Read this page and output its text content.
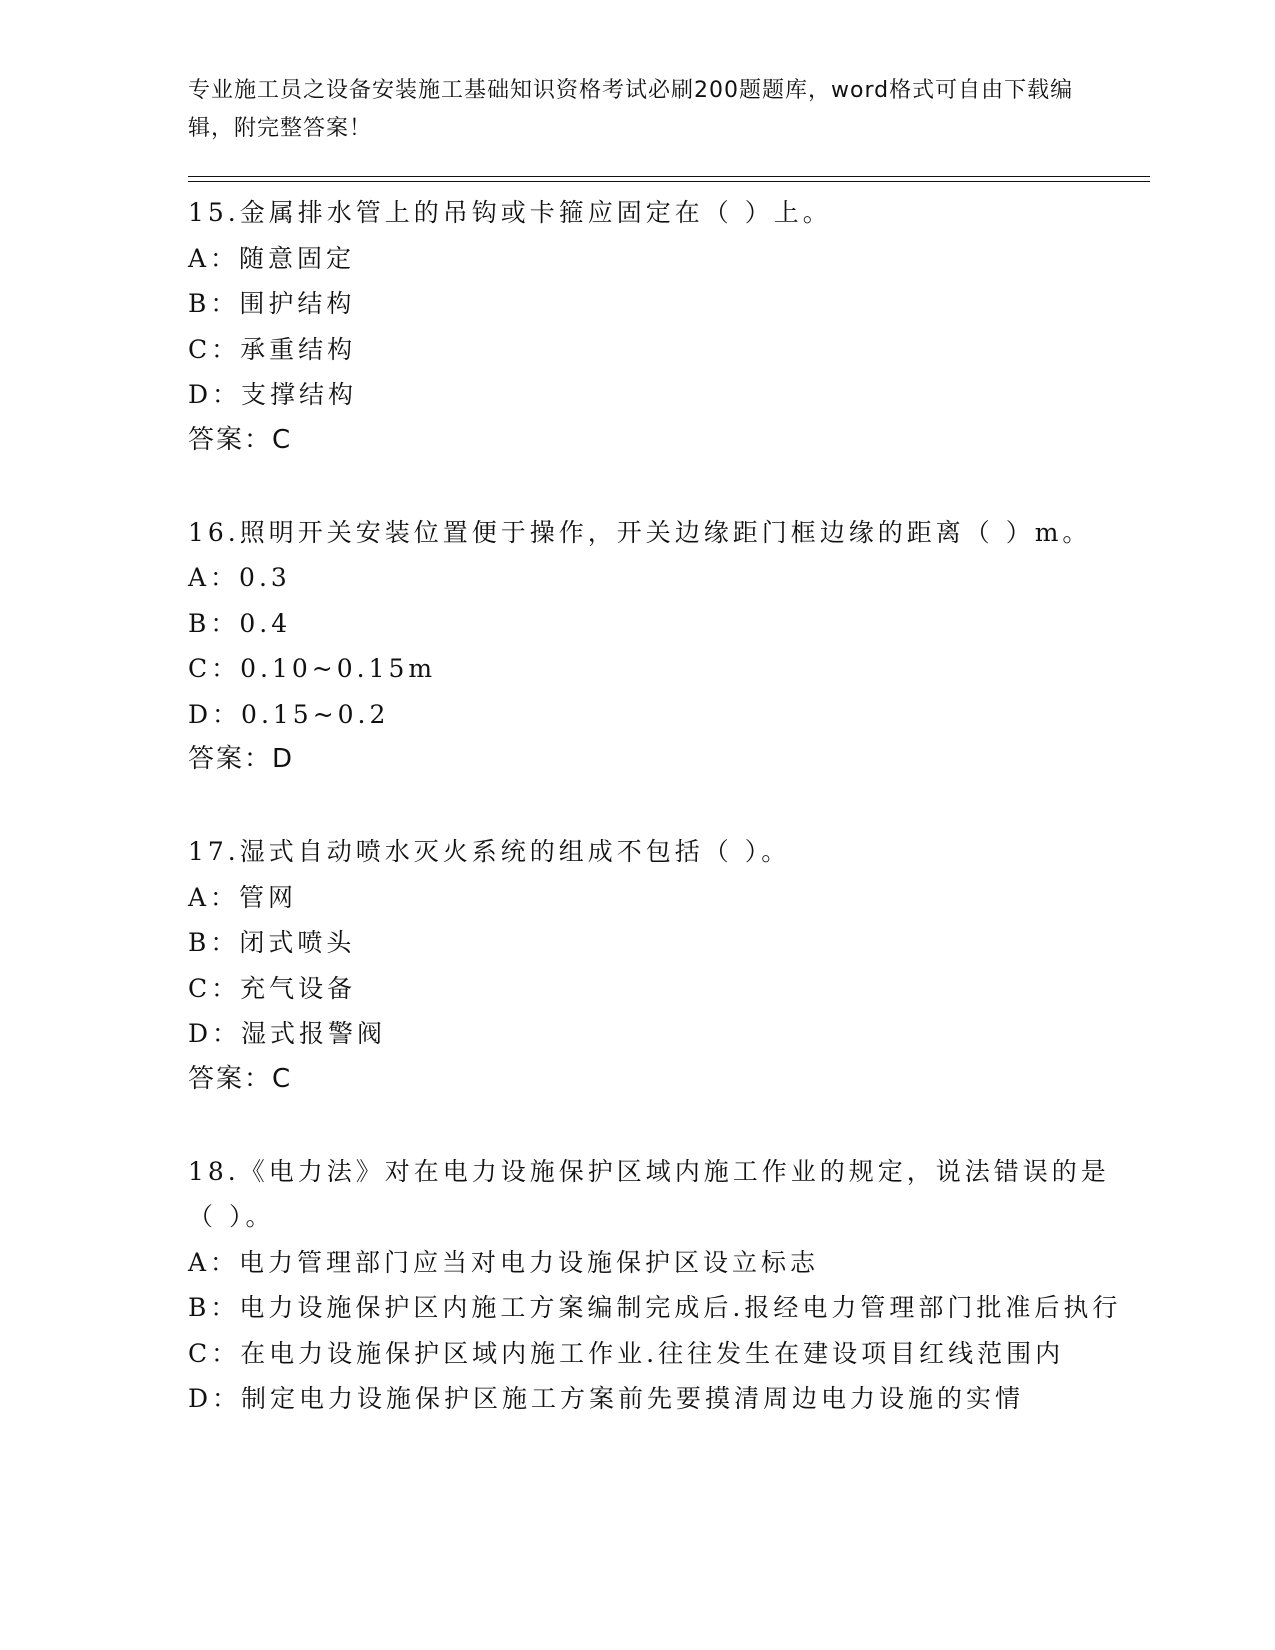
专业施工员之设备安装施工基础知识资格考试必刷200题题库，word格式可自由下载编辑，附完整答案！
15.金属排水管上的吊钩或卡箍应固定在（ ）上。
A：随意固定
B：围护结构
C：承重结构
D：支撑结构
答案：C
16.照明开关安装位置便于操作，开关边缘距门框边缘的距离（ ）m。
A：0.3
B：0.4
C：0.10~0.15m
D：0.15~0.2
答案：D
17.湿式自动喷水灭火系统的组成不包括（ ）。
A：管网
B：闭式喷头
C：充气设备
D：湿式报警阀
答案：C
18.《电力法》对在电力设施保护区域内施工作业的规定，说法错误的是（ ）。
A：电力管理部门应当对电力设施保护区设立标志
B：电力设施保护区内施工方案编制完成后.报经电力管理部门批准后执行
C：在电力设施保护区域内施工作业.往往发生在建设项目红线范围内
D：制定电力设施保护区施工方案前先要摸清周边电力设施的实情
